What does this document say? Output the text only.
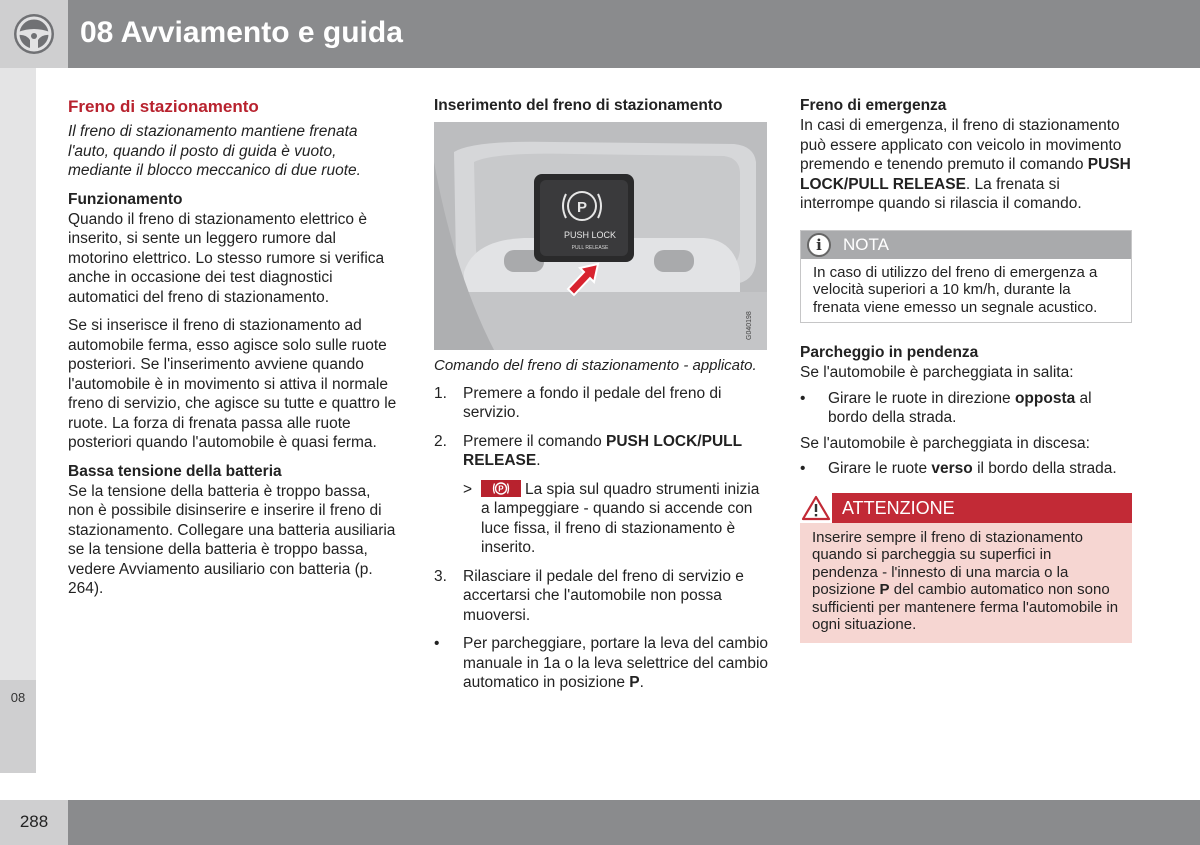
08 Avviamento e guida
08
288
Freno di stazionamento

Il freno di stazionamento mantiene frenata l'auto, quando il posto di guida è vuoto, mediante il blocco meccanico di due ruote.

Funzionamento

Quando il freno di stazionamento elettrico è inserito, si sente un leggero rumore dal motorino elettrico. Lo stesso rumore si verifica anche in occasione dei test diagnostici automatici del freno di stazionamento.

Se si inserisce il freno di stazionamento ad automobile ferma, esso agisce solo sulle ruote posteriori. Se l'inserimento avviene quando l'automobile è in movimento si attiva il normale freno di servizio, che agisce su tutte e quattro le ruote. La forza di frenata passa alle ruote posteriori quando l'automobile è quasi ferma.

Bassa tensione della batteria

Se la tensione della batteria è troppo bassa, non è possibile disinserire e inserire il freno di stazionamento. Collegare una batteria ausiliaria se la tensione della batteria è troppo bassa, vedere Avviamento ausiliario con batteria (p. 264).

Inserimento del freno di stazionamento
P
PUSH LOCK
PULL RELEASE
G040198

Comando del freno di stazionamento - applicato.

1.	Premere a fondo il pedale del freno di servizio.
2.	Premere il comando PUSH LOCK/PULL RELEASE.
>	P La spia sul quadro strumenti inizia a lampeggiare - quando si accende con luce fissa, il freno di stazionamento è inserito.
3.	Rilasciare il pedale del freno di servizio e accertarsi che l'automobile non possa muoversi.
•	Per parcheggiare, portare la leva del cambio manuale in 1a o la leva selettrice del cambio automatico in posizione P.
Freno di emergenza

In casi di emergenza, il freno di stazionamento può essere applicato con veicolo in movimento premendo e tenendo premuto il comando PUSH LOCK/PULL RELEASE. La frenata si interrompe quando si rilascia il comando.

i	NOTA
In caso di utilizzo del freno di emergenza a velocità superiori a 10 km/h, durante la frenata viene emesso un segnale acustico.
Parcheggio in pendenza

Se l'automobile è parcheggiata in salita:

•	Girare le ruote in direzione opposta al bordo della strada.

Se l'automobile è parcheggiata in discesa:

•	Girare le ruote verso il bordo della strada.
ATTENZIONE
Inserire sempre il freno di stazionamento quando si parcheggia su superfici in pendenza - l'innesto di una marcia o la posizione P del cambio automatico non sono sufficienti per mantenere ferma l'automobile in ogni situazione.
